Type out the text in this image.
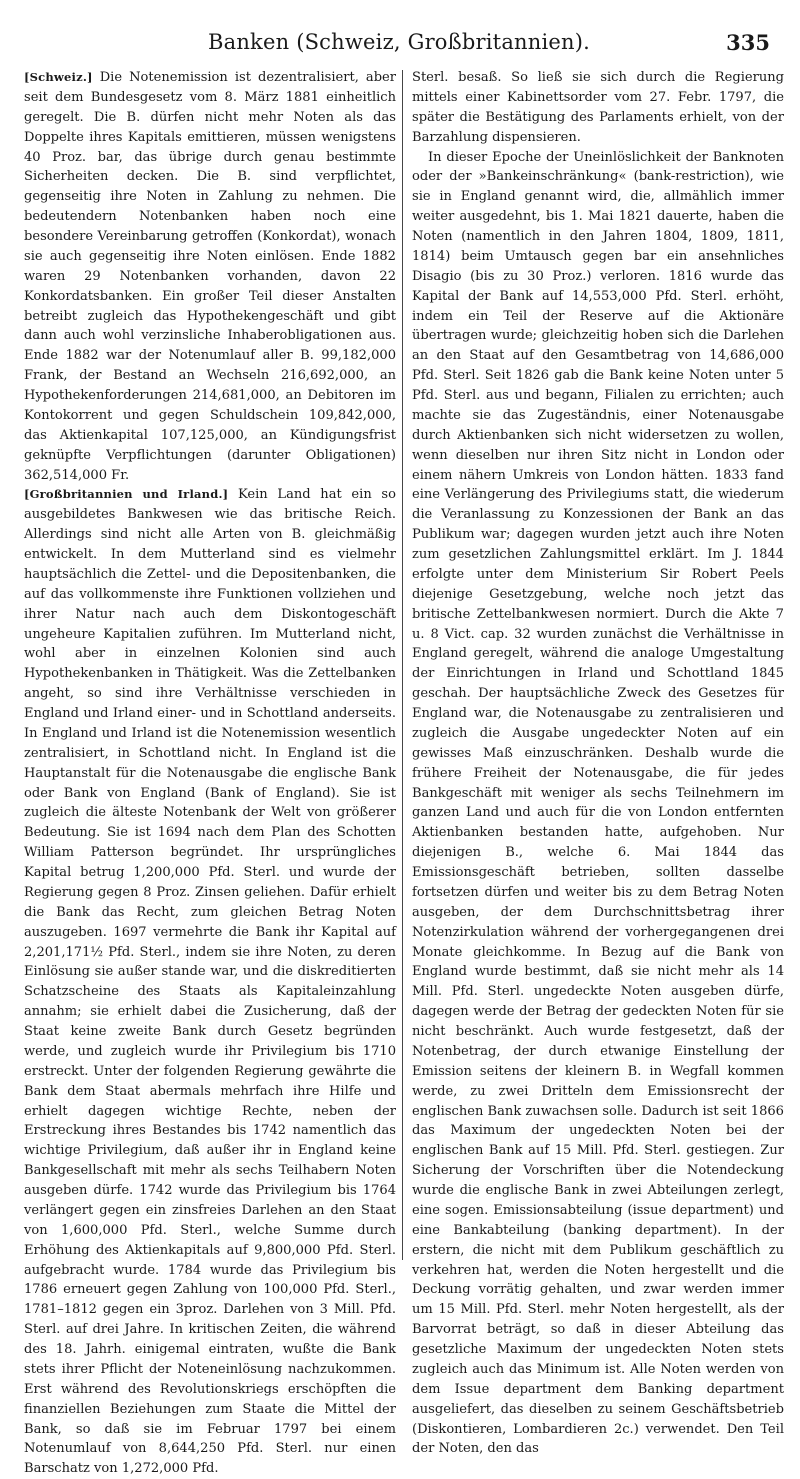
Banken (Schweiz, Großbritannien).	335

[Schweiz.] Die Notenemission ist dezentralisiert, aber seit dem Bundesgesetz vom 8. März 1881 einheitlich geregelt. Die B. dürfen nicht mehr Noten als das Doppelte ihres Kapitals emittieren, müssen wenigstens 40 Proz. bar, das übrige durch genau bestimmte Sicherheiten decken. Die B. sind verpflichtet, gegenseitig ihre Noten in Zahlung zu nehmen. Die bedeutendern Notenbanken haben noch eine besondere Vereinbarung getroffen (Konkordat), wonach sie auch gegenseitig ihre Noten einlösen. Ende 1882 waren 29 Notenbanken vorhanden, davon 22 Konkordatsbanken. Ein großer Teil dieser Anstalten betreibt zugleich das Hypothekengeschäft und gibt dann auch wohl verzinsliche Inhaberobligationen aus. Ende 1882 war der Notenumlauf aller B. 99,182,000 Frank, der Bestand an Wechseln 216,692,000, an Hypothekenforderungen 214,681,000, an Debitoren im Kontokorrent und gegen Schuldschein 109,842,000, das Aktienkapital 107,125,000, an Kündigungsfrist geknüpfte Verpflichtungen (darunter Obligationen) 362,514,000 Fr.

[Großbritannien und Irland.] Kein Land hat ein so ausgebildetes Bankwesen wie das britische Reich. Allerdings sind nicht alle Arten von B. gleichmäßig entwickelt. In dem Mutterland sind es vielmehr hauptsächlich die Zettel- und die Depositenbanken, die auf das vollkommenste ihre Funktionen vollziehen und ihrer Natur nach auch dem Diskontogeschäft ungeheure Kapitalien zuführen. Im Mutterland nicht, wohl aber in einzelnen Kolonien sind auch Hypothekenbanken in Thätigkeit. Was die Zettelbanken angeht, so sind ihre Verhältnisse verschieden in England und Irland einer- und in Schottland anderseits. In England und Irland ist die Notenemission wesentlich zentralisiert, in Schottland nicht. In England ist die Hauptanstalt für die Notenausgabe die englische Bank oder Bank von England (Bank of England). Sie ist zugleich die älteste Notenbank der Welt von größerer Bedeutung. Sie ist 1694 nach dem Plan des Schotten William Patterson begründet. Ihr ursprüngliches Kapital betrug 1,200,000 Pfd. Sterl. und wurde der Regierung gegen 8 Proz. Zinsen geliehen. Dafür erhielt die Bank das Recht, zum gleichen Betrag Noten auszugeben. 1697 vermehrte die Bank ihr Kapital auf 2,201,171½ Pfd. Sterl., indem sie ihre Noten, zu deren Einlösung sie außer stande war, und die diskreditierten Schatzscheine des Staats als Kapitaleinzahlung annahm; sie erhielt dabei die Zusicherung, daß der Staat keine zweite Bank durch Gesetz begründen werde, und zugleich wurde ihr Privilegium bis 1710 erstreckt. Unter der folgenden Regierung gewährte die Bank dem Staat abermals mehrfach ihre Hilfe und erhielt dagegen wichtige Rechte, neben der Erstreckung ihres Bestandes bis 1742 namentlich das wichtige Privilegium, daß außer ihr in England keine Bankgesellschaft mit mehr als sechs Teilhabern Noten ausgeben dürfe. 1742 wurde das Privilegium bis 1764 verlängert gegen ein zinsfreies Darlehen an den Staat von 1,600,000 Pfd. Sterl., welche Summe durch Erhöhung des Aktienkapitals auf 9,800,000 Pfd. Sterl. aufgebracht wurde. 1784 wurde das Privilegium bis 1786 erneuert gegen Zahlung von 100,000 Pfd. Sterl., 1781–1812 gegen ein 3proz. Darlehen von 3 Mill. Pfd. Sterl. auf drei Jahre. In kritischen Zeiten, die während des 18. Jahrh. einigemal eintraten, wußte die Bank stets ihrer Pflicht der Noteneinlösung nachzukommen. Erst während des Revolutionskriegs erschöpften die finanziellen Beziehungen zum Staate die Mittel der Bank, so daß sie im Februar 1797 bei einem Notenumlauf von 8,644,250 Pfd. Sterl. nur einen Barschatz von 1,272,000 Pfd.

Sterl. besaß. So ließ sie sich durch die Regierung mittels einer Kabinettsorder vom 27. Febr. 1797, die später die Bestätigung des Parlaments erhielt, von der Barzahlung dispensieren.

In dieser Epoche der Uneinlöslichkeit der Banknoten oder der »Bankeinschränkung« (bank-restriction), wie sie in England genannt wird, die, allmählich immer weiter ausgedehnt, bis 1. Mai 1821 dauerte, haben die Noten (namentlich in den Jahren 1804, 1809, 1811, 1814) beim Umtausch gegen bar ein ansehnliches Disagio (bis zu 30 Proz.) verloren. 1816 wurde das Kapital der Bank auf 14,553,000 Pfd. Sterl. erhöht, indem ein Teil der Reserve auf die Aktionäre übertragen wurde; gleichzeitig hoben sich die Darlehen an den Staat auf den Gesamtbetrag von 14,686,000 Pfd. Sterl. Seit 1826 gab die Bank keine Noten unter 5 Pfd. Sterl. aus und begann, Filialen zu errichten; auch machte sie das Zugeständnis, einer Notenausgabe durch Aktienbanken sich nicht widersetzen zu wollen, wenn dieselben nur ihren Sitz nicht in London oder einem nähern Umkreis von London hätten. 1833 fand eine Verlängerung des Privilegiums statt, die wiederum die Veranlassung zu Konzessionen der Bank an das Publikum war; dagegen wurden jetzt auch ihre Noten zum gesetzlichen Zahlungsmittel erklärt. Im J. 1844 erfolgte unter dem Ministerium Sir Robert Peels diejenige Gesetzgebung, welche noch jetzt das britische Zettelbankwesen normiert. Durch die Akte 7 u. 8 Vict. cap. 32 wurden zunächst die Verhältnisse in England geregelt, während die analoge Umgestaltung der Einrichtungen in Irland und Schottland 1845 geschah. Der hauptsächliche Zweck des Gesetzes für England war, die Notenausgabe zu zentralisieren und zugleich die Ausgabe ungedeckter Noten auf ein gewisses Maß einzuschränken. Deshalb wurde die frühere Freiheit der Notenausgabe, die für jedes Bankgeschäft mit weniger als sechs Teilnehmern im ganzen Land und auch für die von London entfernten Aktienbanken bestanden hatte, aufgehoben. Nur diejenigen B., welche 6. Mai 1844 das Emissionsgeschäft betrieben, sollten dasselbe fortsetzen dürfen und weiter bis zu dem Betrag Noten ausgeben, der dem Durchschnittsbetrag ihrer Notenzirkulation während der vorhergegangenen drei Monate gleichkomme. In Bezug auf die Bank von England wurde bestimmt, daß sie nicht mehr als 14 Mill. Pfd. Sterl. ungedeckte Noten ausgeben dürfe, dagegen werde der Betrag der gedeckten Noten für sie nicht beschränkt. Auch wurde festgesetzt, daß der Notenbetrag, der durch etwanige Einstellung der Emission seitens der kleinern B. in Wegfall kommen werde, zu zwei Dritteln dem Emissionsrecht der englischen Bank zuwachsen solle. Dadurch ist seit 1866 das Maximum der ungedeckten Noten bei der englischen Bank auf 15 Mill. Pfd. Sterl. gestiegen. Zur Sicherung der Vorschriften über die Notendeckung wurde die englische Bank in zwei Abteilungen zerlegt, eine sogen. Emissionsabteilung (issue department) und eine Bankabteilung (banking department). In der erstern, die nicht mit dem Publikum geschäftlich zu verkehren hat, werden die Noten hergestellt und die Deckung vorrätig gehalten, und zwar werden immer um 15 Mill. Pfd. Sterl. mehr Noten hergestellt, als der Barvorrat beträgt, so daß in dieser Abteilung das gesetzliche Maximum der ungedeckten Noten stets zugleich auch das Minimum ist. Alle Noten werden von dem Issue department dem Banking department ausgeliefert, das dieselben zu seinem Geschäftsbetrieb (Diskontieren, Lombardieren 2c.) verwendet. Den Teil der Noten, den das
